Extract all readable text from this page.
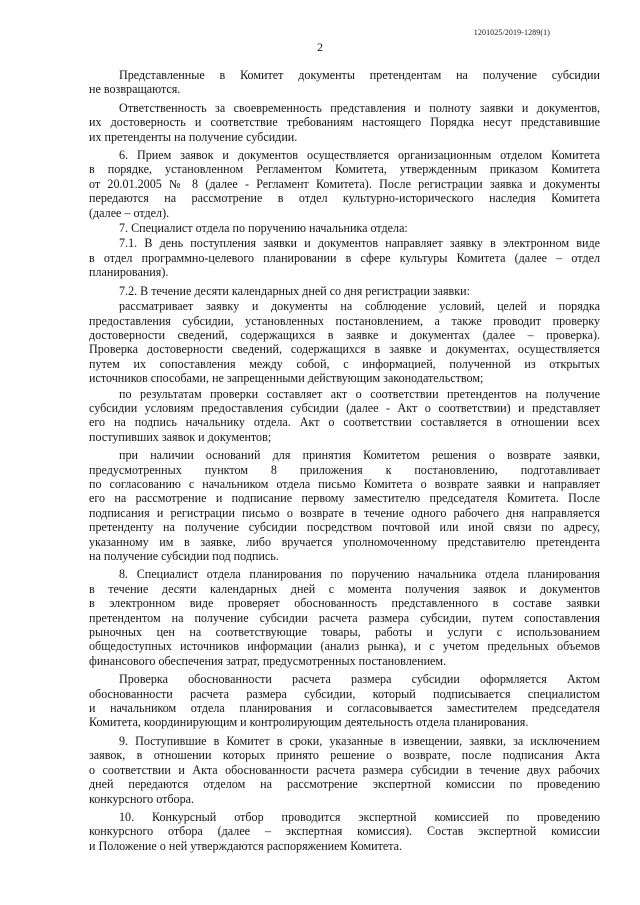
1201025/2019-1289(1)
2
Представленные в Комитет документы претендентам на получение субсидии
не возвращаются.
Ответственность за своевременность представления и полноту заявки и документов,
их достоверность и соответствие требованиям настоящего Порядка несут представившие
их претенденты на получение субсидии.
6. Прием заявок и документов осуществляется организационным отделом Комитета
в порядке, установленном Регламентом Комитета, утвержденным приказом Комитета
от 20.01.2005 № 8 (далее - Регламент Комитета). После регистрации заявка и документы
передаются на рассмотрение в отдел культурно-исторического наследия Комитета
(далее – отдел).
7. Специалист отдела по поручению начальника отдела:
7.1. В день поступления заявки и документов направляет заявку в электронном виде
в отдел программно-целевого планировании в сфере культуры Комитета (далее – отдел
планирования).
7.2. В течение десяти календарных дней со дня регистрации заявки:
рассматривает заявку и документы на соблюдение условий, целей и порядка
предоставления субсидии, установленных постановлением, а также проводит проверку
достоверности сведений, содержащихся в заявке и документах (далее – проверка).
Проверка достоверности сведений, содержащихся в заявке и документах, осуществляется
путем их сопоставления между собой, с информацией, полученной из открытых
источников способами, не запрещенными действующим законодательством;
по результатам проверки составляет акт о соответствии претендентов на получение
субсидии условиям предоставления субсидии (далее - Акт о соответствии) и представляет
его на подпись начальнику отдела. Акт о соответствии составляется в отношении всех
поступивших заявок и документов;
при наличии оснований для принятия Комитетом решения о возврате заявки,
предусмотренных пунктом 8 приложения к постановлению, подготавливает
по согласованию с начальником отдела письмо Комитета о возврате заявки и направляет
его на рассмотрение и подписание первому заместителю председателя Комитета. После
подписания и регистрации письмо о возврате в течение одного рабочего дня направляется
претенденту на получение субсидии посредством почтовой или иной связи по адресу,
указанному им в заявке, либо вручается уполномоченному представителю претендента
на получение субсидии под подпись.
8. Специалист отдела планирования по поручению начальника отдела планирования
в течение десяти календарных дней с момента получения заявок и документов
в электронном виде проверяет обоснованность представленного в составе заявки
претендентом на получение субсидии расчета размера субсидии, путем сопоставления
рыночных цен на соответствующие товары, работы и услуги с использованием
общедоступных источников информации (анализ рынка), и с учетом предельных объемов
финансового обеспечения затрат, предусмотренных постановлением.
Проверка обоснованности расчета размера субсидии оформляется Актом
обоснованности расчета размера субсидии, который подписывается специалистом
и начальником отдела планирования и согласовывается заместителем председателя
Комитета, координирующим и контролирующим деятельность отдела планирования.
9. Поступившие в Комитет в сроки, указанные в извещении, заявки, за исключением
заявок, в отношении которых принято решение о возврате, после подписания Акта
о соответствии и Акта обоснованности расчета размера субсидии в течение двух рабочих
дней передаются отделом на рассмотрение экспертной комиссии по проведению
конкурсного отбора.
10. Конкурсный отбор проводится экспертной комиссией по проведению
конкурсного отбора (далее – экспертная комиссия). Состав экспертной комиссии
и Положение о ней утверждаются распоряжением Комитета.
